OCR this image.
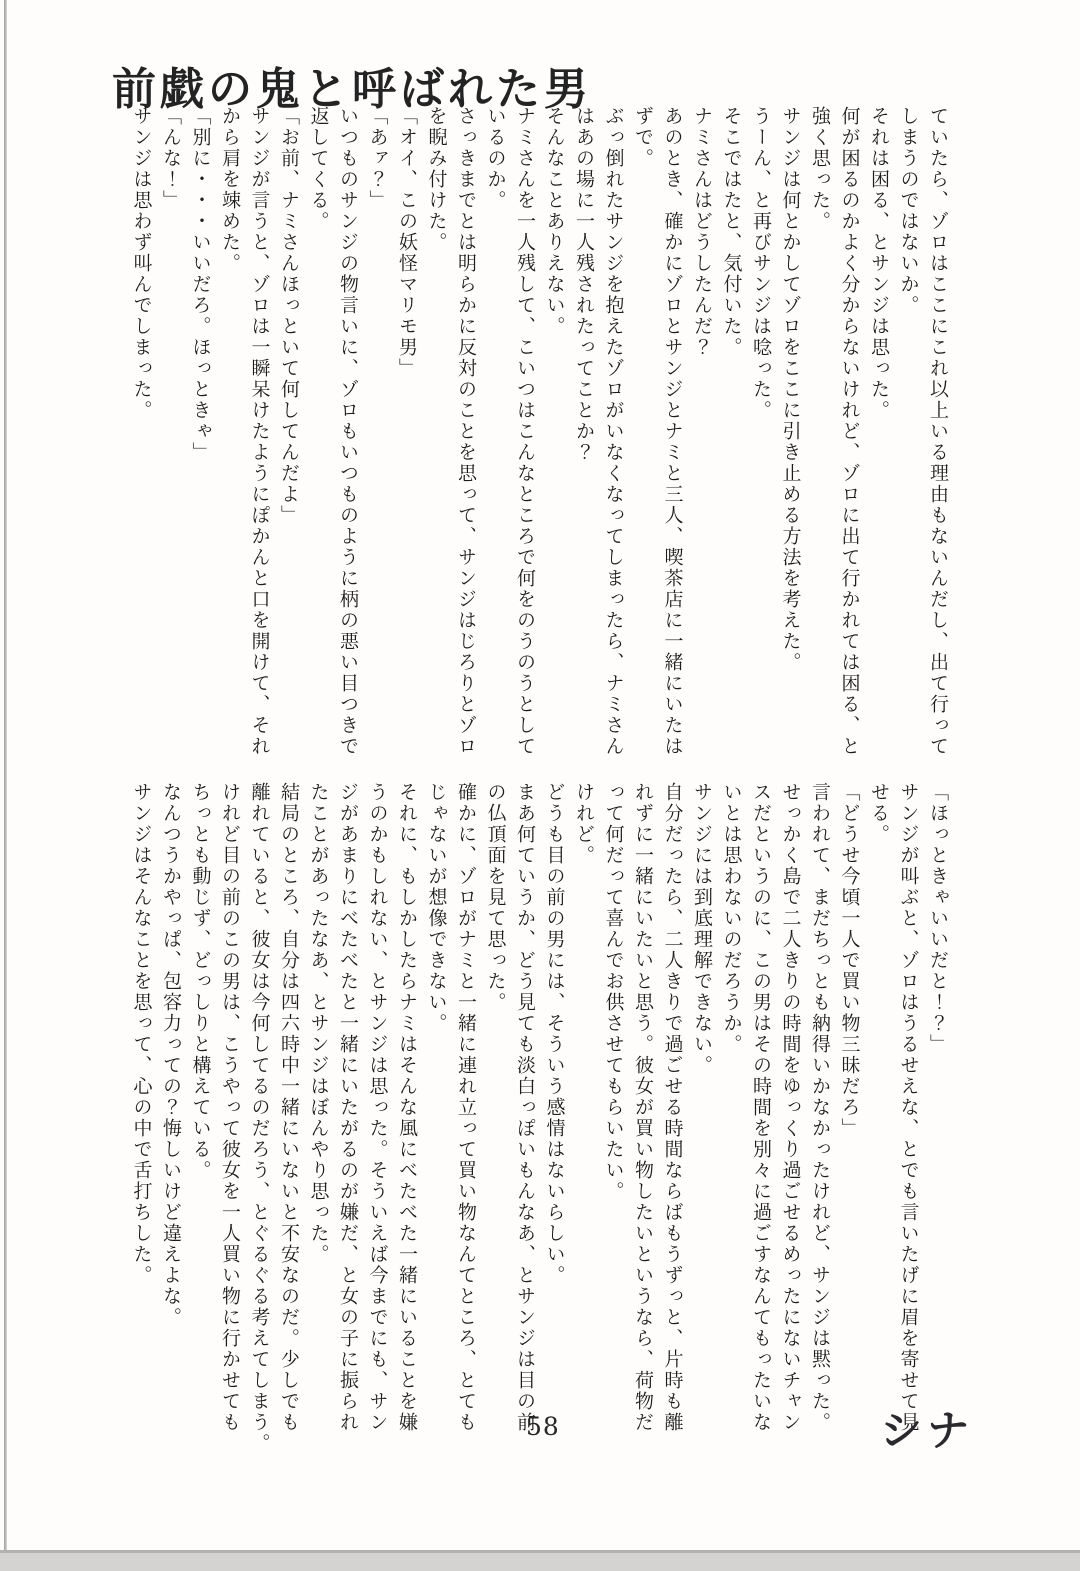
前戯の鬼と呼ばれた男

ていたら、ゾロはここにこれ以上いる理由もないんだし、出て行って

しまうのではないか。

それは困る、とサンジは思った。

何が困るのかよく分からないけれど、ゾロに出て行かれては困る、と

強く思った。

サンジは何とかしてゾロをここに引き止める方法を考えた。

うーん、と再びサンジは唸った。

そこではたと、気付いた。

ナミさんはどうしたんだ？

あのとき、確かにゾロとサンジとナミと三人、喫茶店に一緒にいたは

ずで。

ぶっ倒れたサンジを抱えたゾロがいなくなってしまったら、ナミさん

はあの場に一人残されたってことか？

そんなことありえない。

ナミさんを一人残して、こいつはこんなところで何をのうのうとして

いるのか。

さっきまでとは明らかに反対のことを思って、サンジはじろりとゾロ

を睨み付けた。

「オイ、この妖怪マリモ男」

「あァ？」

いつものサンジの物言いに、ゾロもいつものように柄の悪い目つきで

返してくる。

「お前、ナミさんほっといて何してんだよ」

サンジが言うと、ゾロは一瞬呆けたようにぽかんと口を開けて、それ

から肩を竦めた。

「別に・・・いいだろ。ほっときゃ」

「んな！」

サンジは思わず叫んでしまった。

「ほっときゃいいだと！？」

サンジが叫ぶと、ゾロはうるせえな、とでも言いたげに眉を寄せて見

せる。

「どうせ今頃一人で買い物三昧だろ」

言われて、まだちっとも納得いかなかったけれど、サンジは黙った。

せっかく島で二人きりの時間をゆっくり過ごせるめったにないチャン

スだというのに、この男はその時間を別々に過ごすなんてもったいな

いとは思わないのだろうか。

サンジには到底理解できない。

自分だったら、二人きりで過ごせる時間ならばもうずっと、片時も離

れずに一緒にいたいと思う。彼女が買い物したいというなら、荷物だ

って何だって喜んでお供させてもらいたい。

けれど。

どうも目の前の男には、そういう感情はないらしい。

まあ何ていうか、どう見ても淡白っぽいもんなあ、とサンジは目の前

の仏頂面を見て思った。

確かに、ゾロがナミと一緒に連れ立って買い物なんてところ、とても

じゃないが想像できない。

それに、もしかしたらナミはそんな風にべたべた一緒にいることを嫌

うのかもしれない、とサンジは思った。そういえば今までにも、サン

ジがあまりにべたべたと一緒にいたがるのが嫌だ、と女の子に振られ

たことがあったなあ、とサンジはぼんやり思った。

結局のところ、自分は四六時中一緒にいないと不安なのだ。少しでも

離れていると、彼女は今何してるのだろう、とぐるぐる考えてしまう。

けれど目の前のこの男は、こうやって彼女を一人買い物に行かせても

ちっとも動じず、どっしりと構えている。

なんつうかやっぱ、包容力っての？悔しいけど違えよな。

サンジはそんなことを思って、心の中で舌打ちした。

シナ
58
